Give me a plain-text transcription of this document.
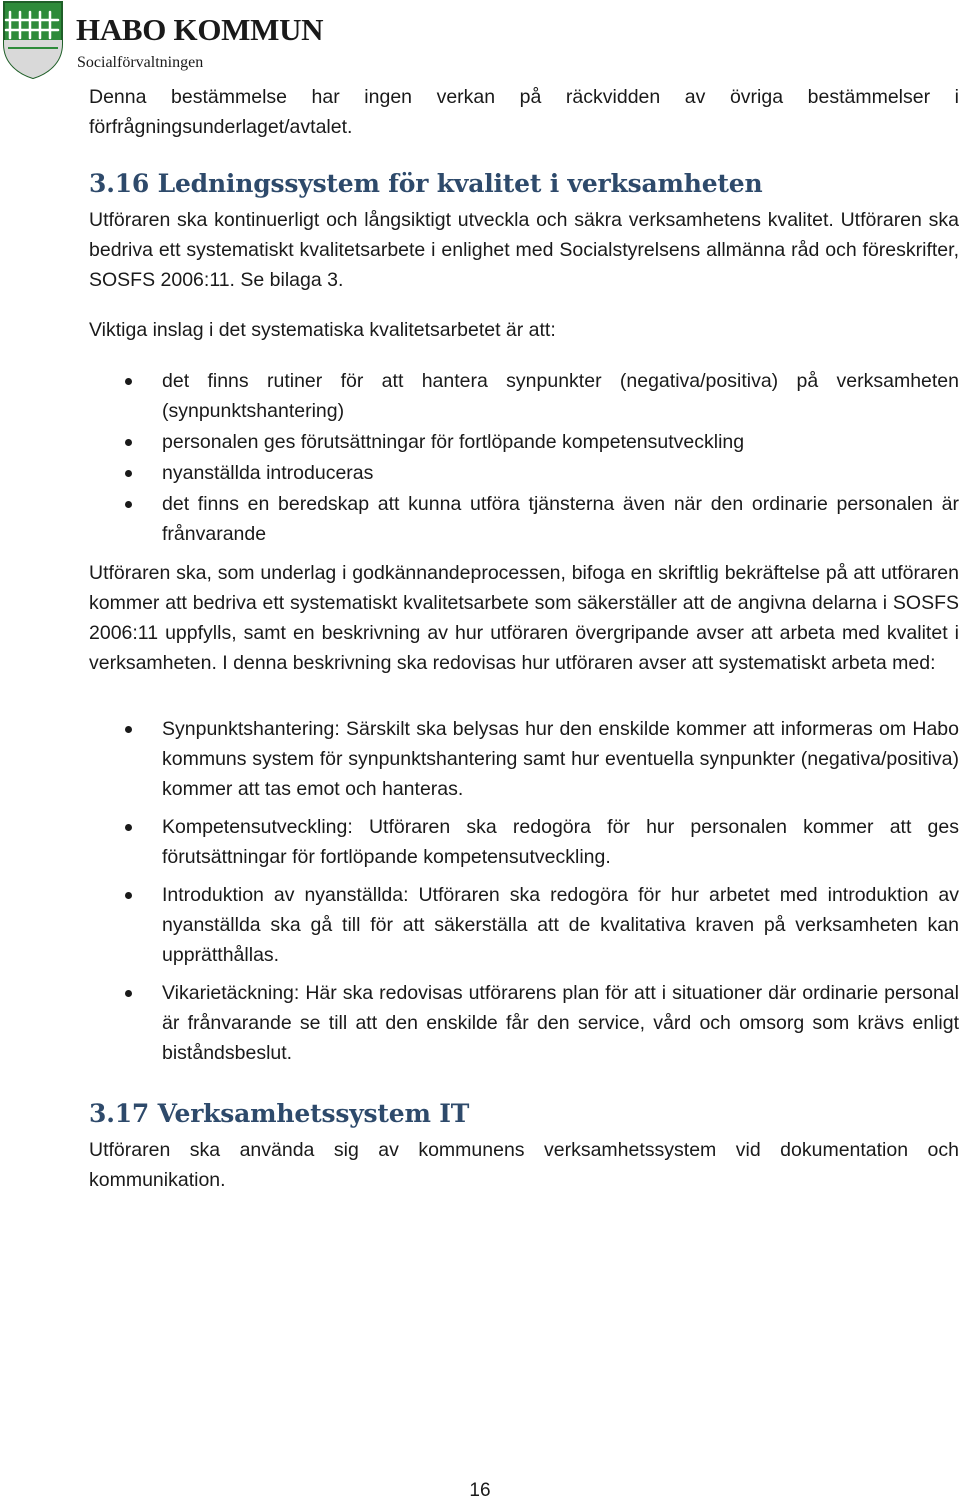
HABO KOMMUN
Socialförvaltningen

Denna bestämmelse har ingen verkan på räckvidden av övriga bestämmelser i förfrågningsunderlaget/avtalet.

3.16 Ledningssystem för kvalitet i verksamheten

Utföraren ska kontinuerligt och långsiktigt utveckla och säkra verksamhetens kvalitet. Utföraren ska bedriva ett systematiskt kvalitetsarbete i enlighet med Socialstyrelsens allmänna råd och föreskrifter, SOSFS 2006:11. Se bilaga 3.

Viktiga inslag i det systematiska kvalitetsarbetet är att:

det finns rutiner för att hantera synpunkter (negativa/positiva) på verksamheten (synpunktshantering)
personalen ges förutsättningar för fortlöpande kompetensutveckling
nyanställda introduceras
det finns en beredskap att kunna utföra tjänsterna även när den ordinarie personalen är frånvarande

Utföraren ska, som underlag i godkännandeprocessen, bifoga en skriftlig bekräftelse på att utföraren kommer att bedriva ett systematiskt kvalitetsarbete som säkerställer att de angivna delarna i SOSFS 2006:11 uppfylls, samt en beskrivning av hur utföraren övergripande avser att arbeta med kvalitet i verksamheten. I denna beskrivning ska redovisas hur utföraren avser att systematiskt arbeta med:

Synpunktshantering: Särskilt ska belysas hur den enskilde kommer att informeras om Habo kommuns system för synpunktshantering samt hur eventuella synpunkter (negativa/positiva) kommer att tas emot och hanteras.
Kompetensutveckling: Utföraren ska redogöra för hur personalen kommer att ges förutsättningar för fortlöpande kompetensutveckling.
Introduktion av nyanställda: Utföraren ska redogöra för hur arbetet med introduktion av nyanställda ska gå till för att säkerställa att de kvalitativa kraven på verksamheten kan upprätthållas.
Vikarietäckning: Här ska redovisas utförarens plan för att i situationer där ordinarie personal är frånvarande se till att den enskilde får den service, vård och omsorg som krävs enligt biståndsbeslut.
3.17 Verksamhetssystem IT

Utföraren ska använda sig av kommunens verksamhetssystem vid dokumentation och kommunikation.

16
